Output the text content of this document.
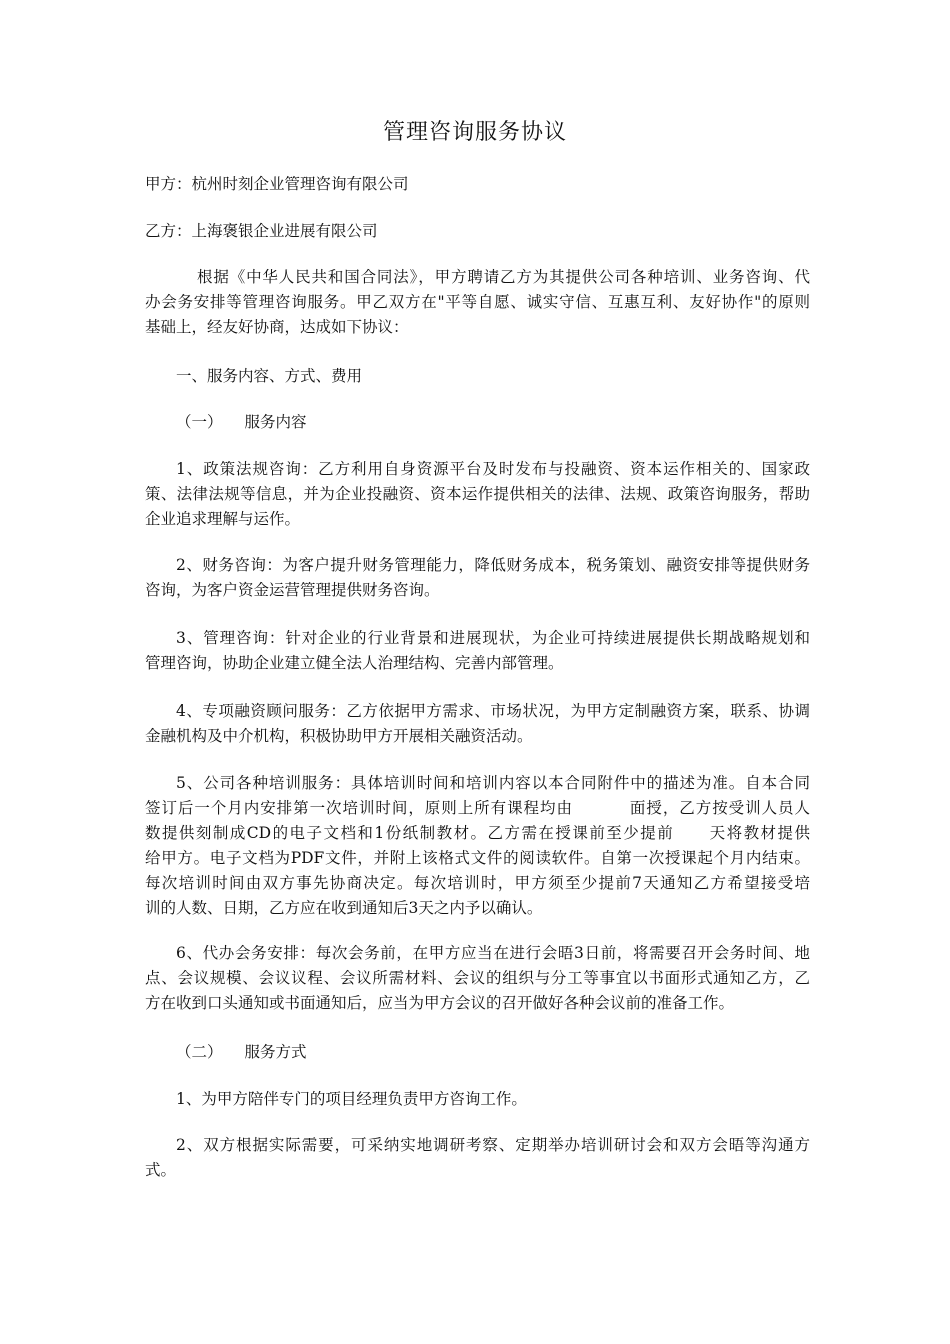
管理咨询服务协议
甲方：杭州时刻企业管理咨询有限公司
乙方：上海褒银企业进展有限公司
根据《中华人民共和国合同法》，甲方聘请乙方为其提供公司各种培训、业务咨询、代
办会务安排等管理咨询服务。甲乙双方在"平等自愿、诚实守信、互惠互利、友好协作"的原则
基础上，经友好协商，达成如下协议：
一、服务内容、方式、费用
（一） 服务内容
1、政策法规咨询：乙方利用自身资源平台及时发布与投融资、资本运作相关的、国家政
策、法律法规等信息，并为企业投融资、资本运作提供相关的法律、法规、政策咨询服务，帮助
企业追求理解与运作。
2、财务咨询：为客户提升财务管理能力，降低财务成本，税务策划、融资安排等提供财务
咨询，为客户资金运营管理提供财务咨询。
3、管理咨询：针对企业的行业背景和进展现状，为企业可持续进展提供长期战略规划和
管理咨询，协助企业建立健全法人治理结构、完善内部管理。
4、专项融资顾问服务：乙方依据甲方需求、市场状况，为甲方定制融资方案，联系、协调
金融机构及中介机构，积极协助甲方开展相关融资活动。
5、公司各种培训服务：具体培训时间和培训内容以本合同附件中的描述为准。自本合同
签订后一个月内安排第一次培训时间，原则上所有课程均由	面授，乙方按受训人员人
数提供刻制成CD的电子文档和1份纸制教材。乙方需在授课前至少提前 天将教材提供
给甲方。电子文档为PDF文件，并附上该格式文件的阅读软件。自第一次授课起个月内结束。
每次培训时间由双方事先协商决定。每次培训时，甲方须至少提前7天通知乙方希望接受培
训的人数、日期，乙方应在收到通知后3天之内予以确认。
6、代办会务安排：每次会务前，在甲方应当在进行会晤3日前，将需要召开会务时间、地
点、会议规模、会议议程、会议所需材料、会议的组织与分工等事宜以书面形式通知乙方，乙
方在收到口头通知或书面通知后，应当为甲方会议的召开做好各种会议前的准备工作。
（二） 服务方式
1、为甲方陪伴专门的项目经理负责甲方咨询工作。
2、双方根据实际需要，可采纳实地调研考察、定期举办培训研讨会和双方会晤等沟通方
式。
